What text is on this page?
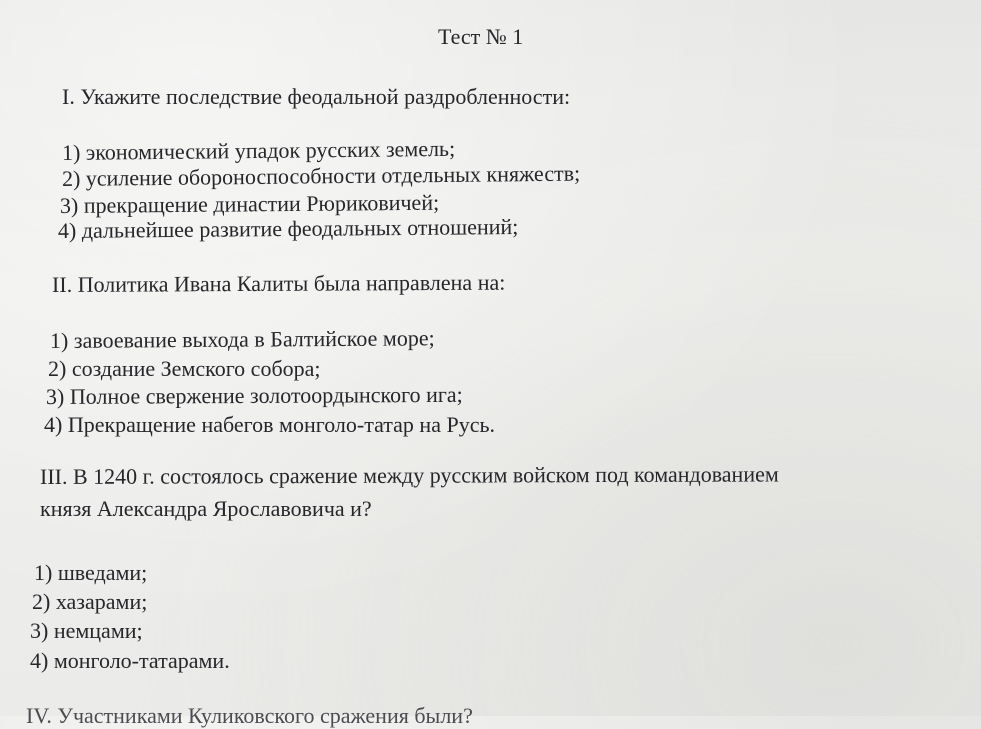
Тест № 1
I. Укажите последствие феодальной раздробленности:
1) экономический упадок русских земель;
2) усиление обороноспособности отдельных княжеств;
3) прекращение династии Рюриковичей;
4) дальнейшее развитие феодальных отношений;
II. Политика Ивана Калиты была направлена на:
1) завоевание выхода в Балтийское море;
2) создание Земского собора;
3) Полное свержение золотоордынского ига;
4) Прекращение набегов монголо-татар на Русь.
III. В 1240 г. состоялось сражение между русским войском под командованием
князя Александра Ярославовича и?
1) шведами;
2) хазарами;
3) немцами;
4) монголо-татарами.
IV. Участниками Куликовского сражения были?
